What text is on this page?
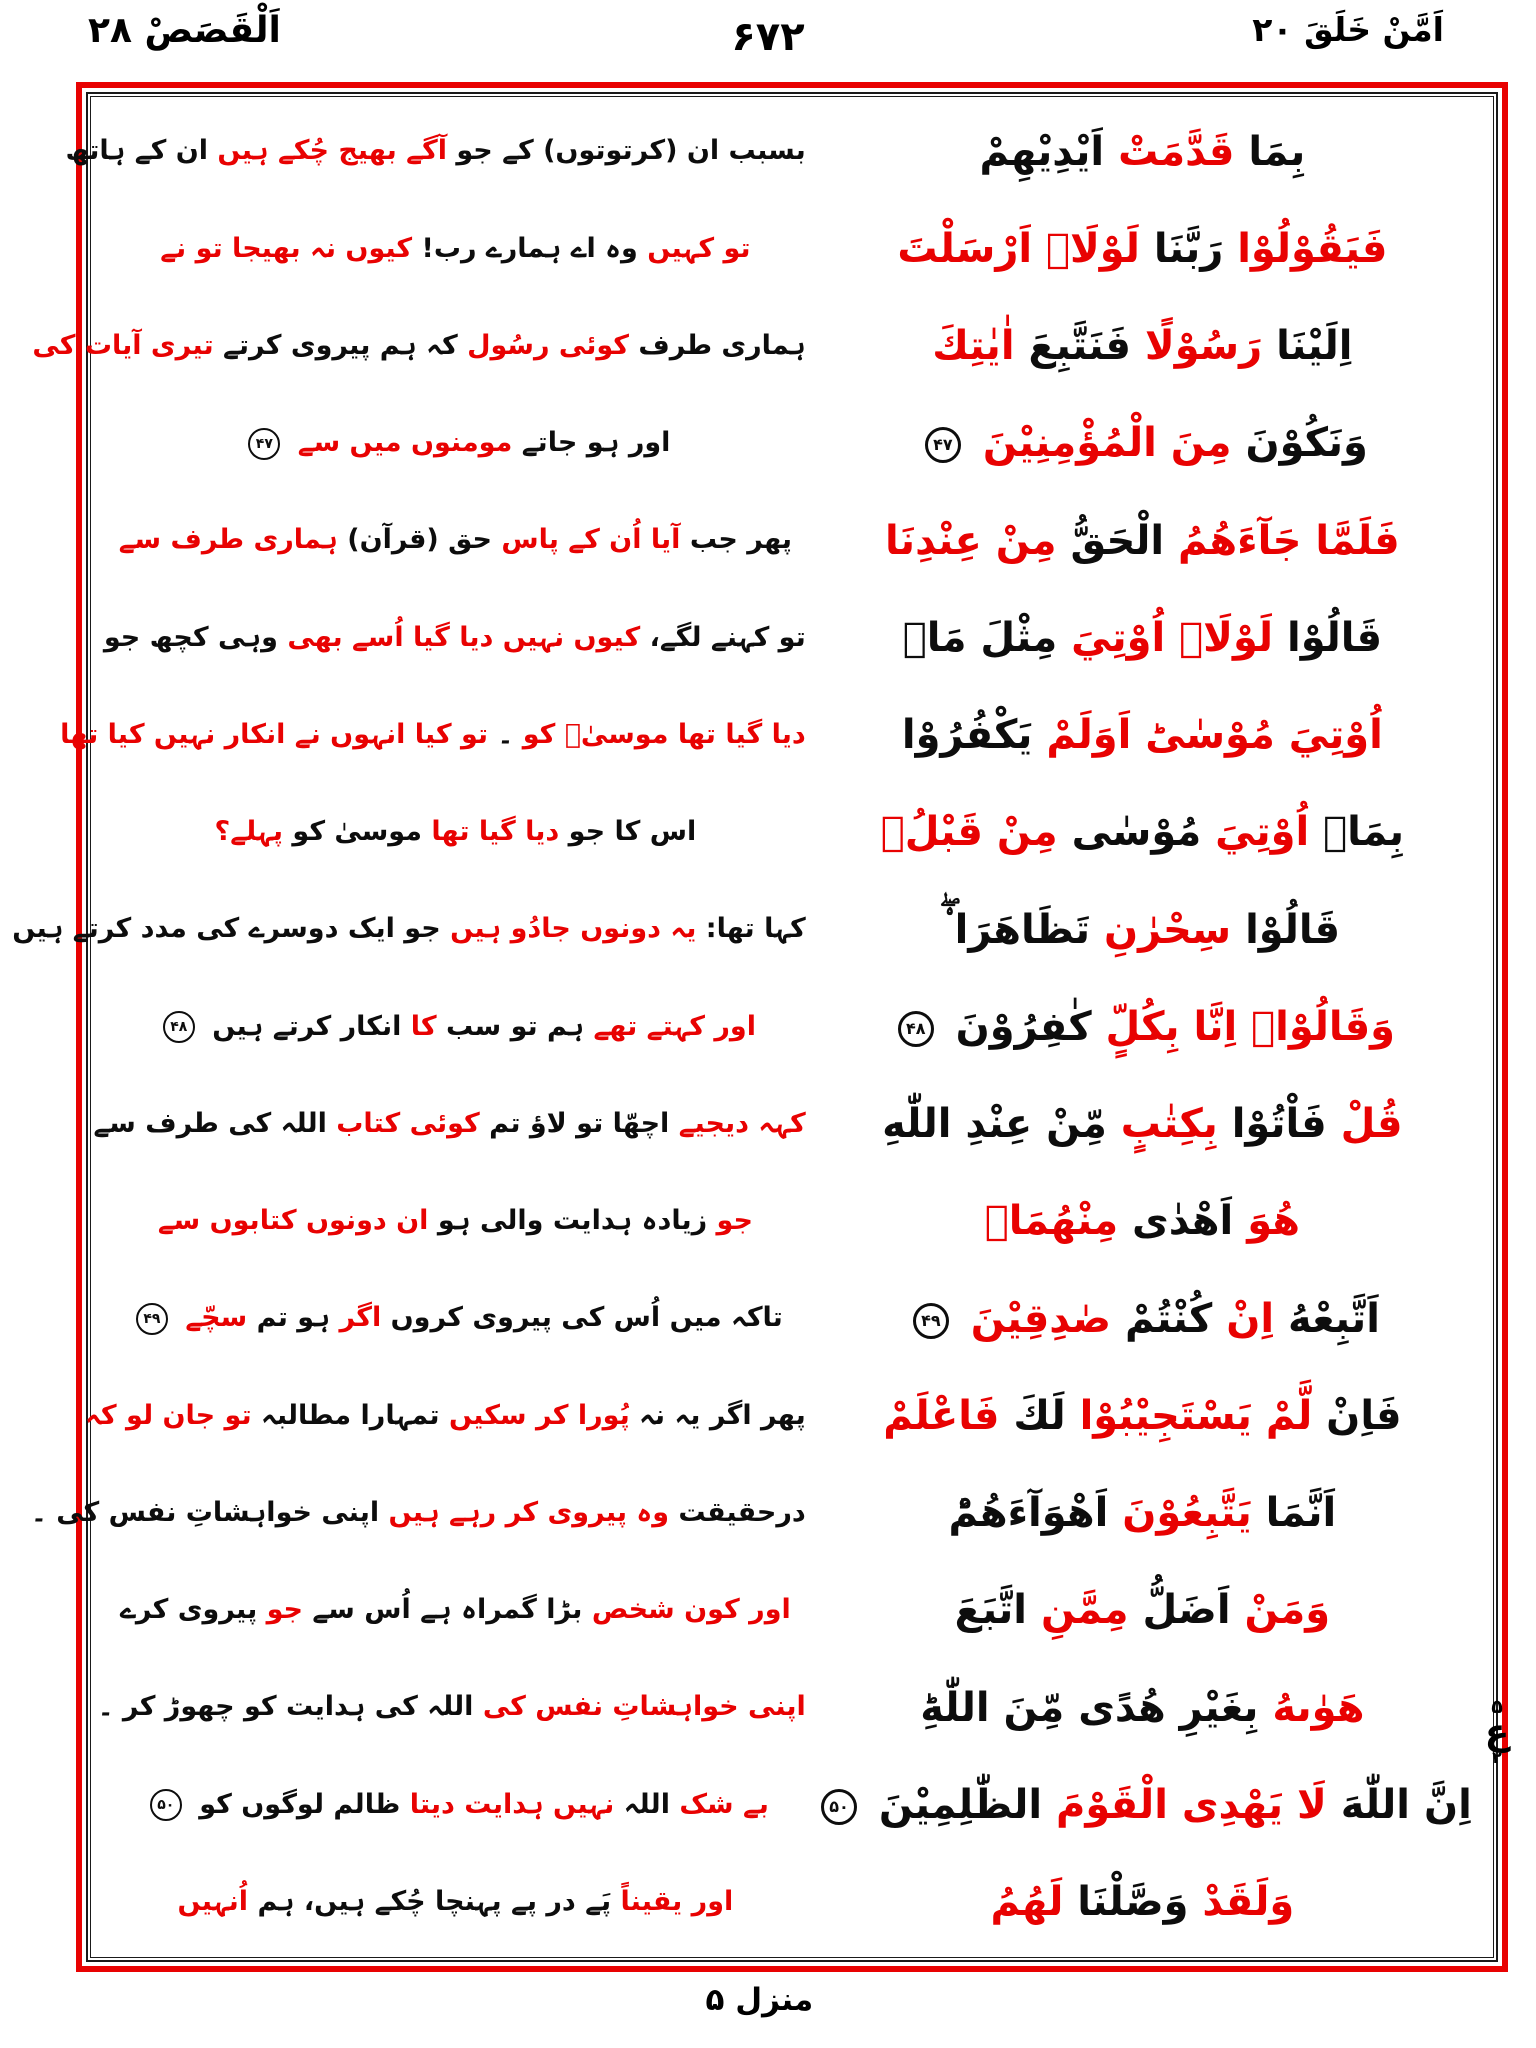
اَلْقَصَصْ ۲۸	۶۷۲	اَمَّنْ خَلَقَ ۲۰
بِمَا قَدَّمَتْ اَيْدِيْهِمْ
بسبب ان (کرتوتوں) کے جو آگے بھیج چُکے ہیں ان کے ہاتھ
فَيَقُوْلُوْا رَبَّنَا لَوْلَاۤ اَرْسَلْتَ
تو کہیں وہ اے ہمارے رب! کیوں نہ بھیجا تو نے
اِلَيْنَا رَسُوْلًا فَنَتَّبِعَ اٰيٰتِكَ
ہماری طرف کوئی رسُول کہ ہم پیروی کرتے تیری آیات کی
وَنَكُوْنَ مِنَ الْمُؤْمِنِيْنَ ۴۷
اور ہو جاتے مومنوں میں سے ۴۷
فَلَمَّا جَآءَهُمُ الْحَقُّ مِنْ عِنْدِنَا
پھر جب آیا اُن کے پاس حق (قرآن) ہماری طرف سے
قَالُوْا لَوْلَاۤ اُوْتِيَ مِثْلَ مَاۤ
تو کہنے لگے، کیوں نہیں دیا گیا اُسے بھی وہی کچھ جو
اُوْتِيَ مُوْسٰىؕ اَوَلَمْ يَكْفُرُوْا
دیا گیا تھا موسیٰؑ کو ۔ تو کیا انہوں نے انکار نہیں کیا تھا
بِمَاۤ اُوْتِيَ مُوْسٰى مِنْ قَبْلُۚ
اس کا جو دیا گیا تھا موسیٰ کو پہلے؟
قَالُوْا سِحْرٰنِ تَظَاهَرَا ۟ۖ
کہا تھا: یہ دونوں جادُو ہیں جو ایک دوسرے کی مدد کرتے ہیں
وَقَالُوْاۤ اِنَّا بِكُلٍّ كٰفِرُوْنَ ۴۸
اور کہتے تھے ہم تو سب کا انکار کرتے ہیں ۴۸
قُلْ فَاْتُوْا بِكِتٰبٍ مِّنْ عِنْدِ اللّٰهِ
کہہ دیجیے اچھّا تو لاؤ تم کوئی کتاب اللہ کی طرف سے
هُوَ اَهْدٰى مِنْهُمَاۤ
جو زیادہ ہدایت والی ہو ان دونوں کتابوں سے
اَتَّبِعْهُ اِنْ كُنْتُمْ صٰدِقِيْنَ ۴۹
تاکہ میں اُس کی پیروی کروں اگر ہو تم سچّے ۴۹
فَاِنْ لَّمْ يَسْتَجِيْبُوْا لَكَ فَاعْلَمْ
پھر اگر یہ نہ پُورا کر سکیں تمہارا مطالبہ تو جان لو کہ
اَنَّمَا يَتَّبِعُوْنَ اَهْوَآءَهُمْؕ
درحقیقت وہ پیروی کر رہے ہیں اپنی خواہشاتِ نفس کی ۔
وَمَنْ اَضَلُّ مِمَّنِ اتَّبَعَ
اور کون شخص بڑا گمراہ ہے اُس سے جو پیروی کرے
هَوٰىهُ بِغَيْرِ هُدًى مِّنَ اللّٰهِؕ
اپنی خواہشاتِ نفس کی اللہ کی ہدایت کو چھوڑ کر ۔
اِنَّ اللّٰهَ لَا يَهْدِى الْقَوْمَ الظّٰلِمِيْنَ ۵۰
بے شک اللہ نہیں ہدایت دیتا ظالم لوگوں کو ۵۰
وَلَقَدْ وَصَّلْنَا لَهُمُ
اور یقیناً پَے در پے پہنچا چُکے ہیں، ہم اُنہیں
۵
ع
۲
منزل ۵
